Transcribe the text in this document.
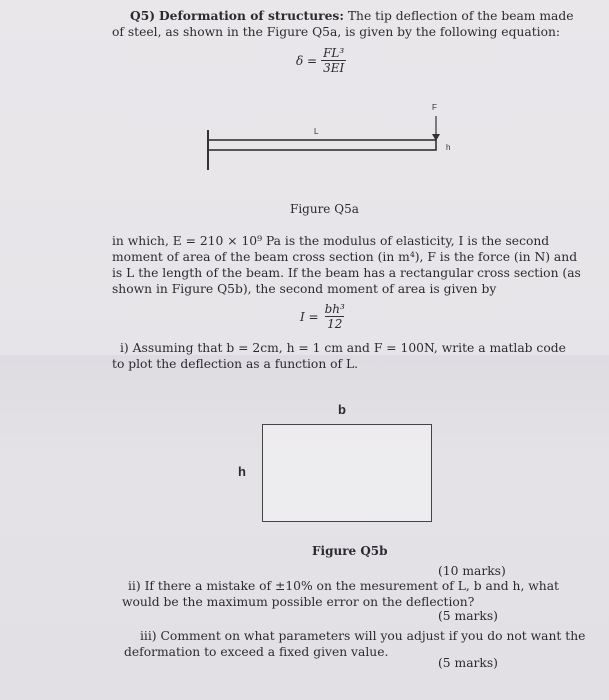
Q5) Deformation of structures: The tip deflection of the beam made
of steel, as shown in the Figure Q5a, is given by the following equation:
$\delta = \frac{\text{FL³}}{3EI}$
F
L
h
Figure Q5a
in which, E = 210 × 10⁹ Pa is the modulus of elasticity, I is the second
moment of area of the beam cross section (in m⁴), F is the force (in N) and
is L the length of the beam. If the beam has a rectangular cross section (as
shown in Figure Q5b), the second moment of area is given by
$I = \frac{\text{bh³}}{12}$
i) Assuming that b = 2cm, h = 1 cm and F = 100N, write a matlab code
to plot the deflection as a function of L.
b
h
Figure Q5b
(10 marks)
ii) If there a mistake of ±10% on the mesurement of L, b and h, what
would be the maximum possible error on the deflection?
(5 marks)
iii) Comment on what parameters will you adjust if you do not want the
deformation to exceed a fixed given value.
(5 marks)
